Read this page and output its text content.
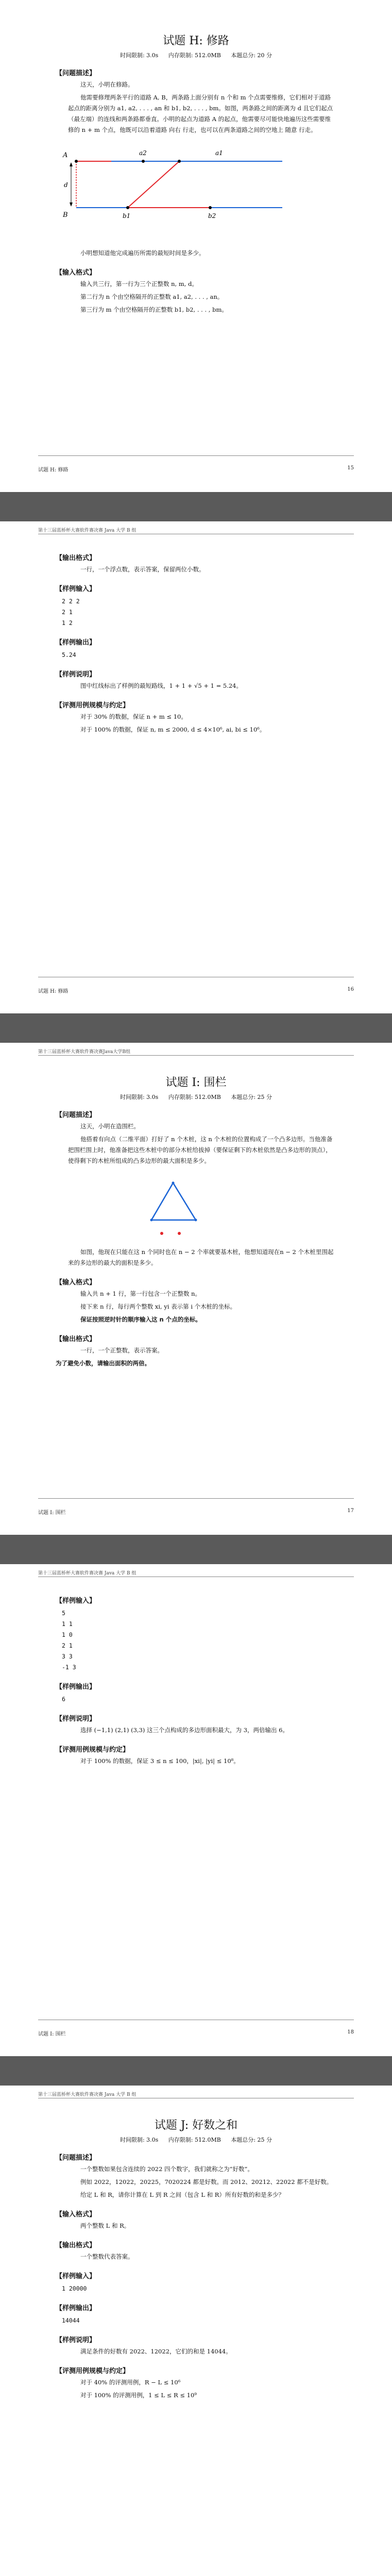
试题 H: 修路
时间限制: 3.0s 内存限制: 512.0MB 本题总分: 20 分
【问题描述】
这天，小明在修路。
他需要修理两条平行的道路 A, B，两条路上面分别有 n 个和 m 个点需要维修，它们相对于道路起点的距离分别为 a1, a2, . . . , an 和 b1, b2, . . . , bm。如图，两条路之间的距离为 d 且它们起点（最左端）的连线和两条路都垂直。小明的起点为道路 A 的起点，他需要尽可能快地遍历这些需要维修的 n + m 个点，他既可以沿着道路 向右 行走，也可以在两条道路之间的空地上 随意 行走。
d
A
B
a2	a1
b1	b2
小明想知道他完成遍历所需的最短时间是多少。
【输入格式】
输入共三行，第一行为三个正整数 n, m, d。
第二行为 n 个由空格隔开的正整数 a1, a2, . . . , an。
第三行为 m 个由空格隔开的正整数 b1, b2, . . . , bm。
试题 H: 修路	15
第十三届蓝桥杯大赛软件赛决赛 Java 大学 B 组
【输出格式】
一行，一个浮点数，表示答案，保留两位小数。
【样例输入】
2 2 2
2 1
1 2
【样例输出】
5.24
【样例说明】
图中红线标出了样例的最短路线，1 + 1 + √5 + 1 = 5.24。
【评测用例规模与约定】
对于 30% 的数据，保证 n + m ≤ 10。
对于 100% 的数据，保证 n, m ≤ 2000, d ≤ 4×10⁶, ai, bi ≤ 10⁶。
试题 H: 修路	16
第十三届蓝桥杯大赛软件赛决赛Java大学B组
试题 I: 围栏
时间限制: 3.0s 内存限制: 512.0MB 本题总分: 25 分
【问题描述】
这天，小明在造围栏。
他搭着有向点（二维平面）打好了 n 个木桩，这 n 个木桩的位置构成了一个凸多边形。当他准备把围栏围上时，他准备把这些木桩中的部分木桩给拔掉（要保证剩下的木桩依然是凸多边形的顶点），使得剩下的木桩所组成的凸多边形的最大面积是多少。
如图，他现在只能在这 n 个同时也在 n − 2 个率就要基木桩，他想知道现在n − 2 个木桩里围起来的多边形的最大的面积是多少。
【输入格式】
输入共 n + 1 行，第一行包含一个正整数 n。
接下来 n 行，每行两个整数 xi, yi 表示第 i 个木桩的坐标。
保证按照逆时针的顺序输入这 n 个点的坐标。
【输出格式】
一行，一个正整数，表示答案。
为了避免小数，请输出面积的两倍。
试题 I: 围栏	17
第十三届蓝桥杯大赛软件赛决赛 Java 大学 B 组
【样例输入】
5
1 1
1 0
2 1
3 3
-1 3
【样例输出】
6
【样例说明】
选择 (−1,1) (2,1) (3,3) 这三个点构成的多边形面积最大，为 3，两倍输出 6。
【评测用例规模与约定】
对于 100% 的数据，保证 3 ≤ n ≤ 100，|xi|, |yi| ≤ 10⁸。
试题 I: 围栏	18
第十三届蓝桥杯大赛软件赛决赛 Java 大学 B 组
试题 J: 好数之和
时间限制: 3.0s 内存限制: 512.0MB 本题总分: 25 分
【问题描述】
一个整数如果包含连续的 2022 四个数字，我们就称之为“好数”。
例如 2022，12022，20225，7020224 都是好数。而 2012、20212、22022 都不是好数。
给定 L 和 R，请你计算在 L 到 R 之间（包含 L 和 R）所有好数的和是多少？
【输入格式】
两个整数 L 和 R。
【输出格式】
一个整数代表答案。
【样例输入】
1 20000
【样例输出】
14044
【样例说明】
满足条件的好数有 2022、12022，它们的和是 14044。
【评测用例规模与约定】
对于 40% 的评测用例，R − L ≤ 10⁶
对于 100% 的评测用例，1 ≤ L ≤ R ≤ 10⁹
